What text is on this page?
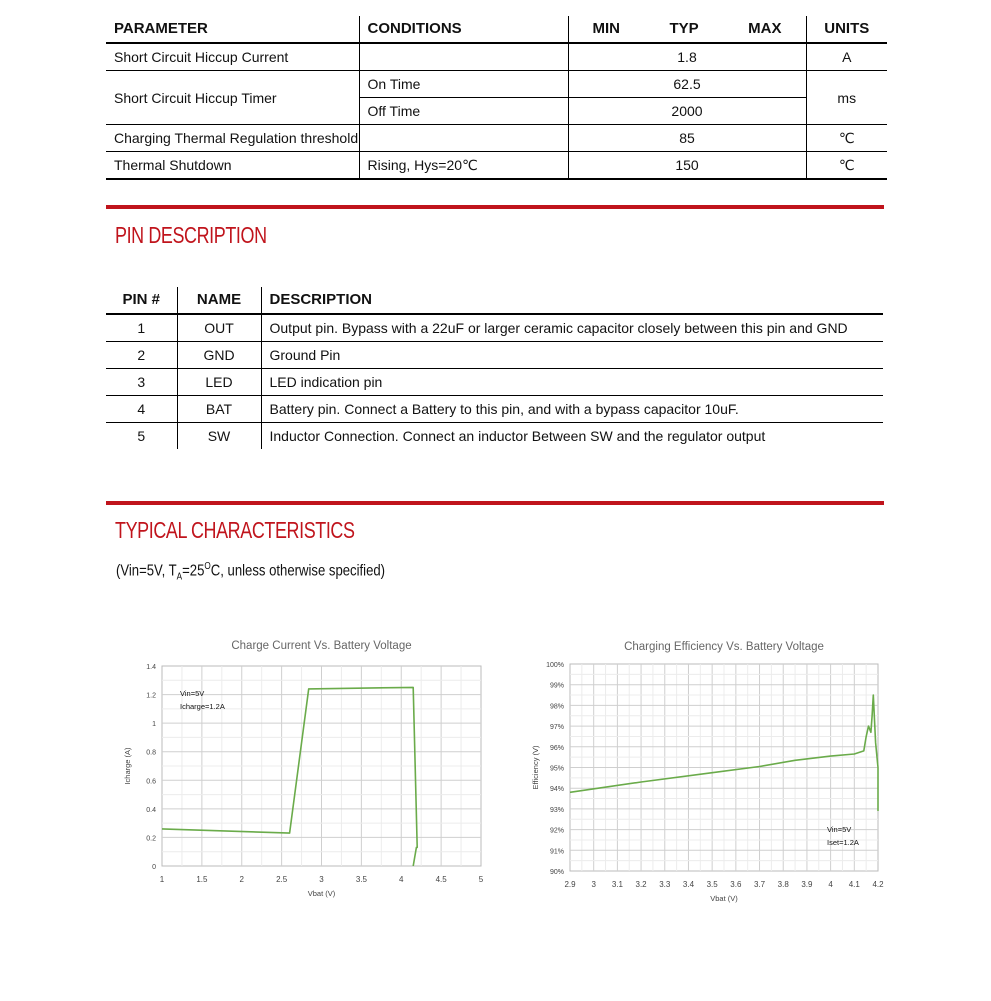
PARAMETER	CONDITIONS	MIN TYP MAX	UNITS
Short Circuit Hiccup Current		1.8	A
Short Circuit Hiccup Timer	On Time	62.5	ms
	Off Time	2000	
Charging Thermal Regulation threshold		85	℃
Thermal Shutdown	Rising, Hys=20℃	150	℃
PIN DESCRIPTION
PIN #	NAME	DESCRIPTION
1	OUT	Output pin. Bypass with a 22uF or larger ceramic capacitor closely between this pin and GND
2	GND	Ground Pin
3	LED	LED indication pin
4	BAT	Battery pin. Connect a Battery to this pin, and with a bypass capacitor 10uF.
5	SW	Inductor Connection. Connect an inductor Between SW and the regulator output
TYPICAL CHARACTERISTICS
(Vin=5V, $T_A=25^OC$, unless otherwise specified)
1	1.5	2	2.5	3	3.5	4	4.5	5
0
0.2
0.4
0.6
0.8
1
1.2
1.4
Charge Current Vs. Battery Voltage
Vbat (V)
Icharge (A)
Vin=5V
Icharge=1.2A
2.9 3 3.1 3.2 3.3 3.4 3.5 3.6 3.7 3.8 3.9 4 4.1 4.2
90%
91%
92%
93%
94%
95%
96%
97%
98%
99%
100%
Charging Efficiency Vs. Battery Voltage
Vbat (V)
Efficiency (V)
Vin=5V
Iset=1.2A
